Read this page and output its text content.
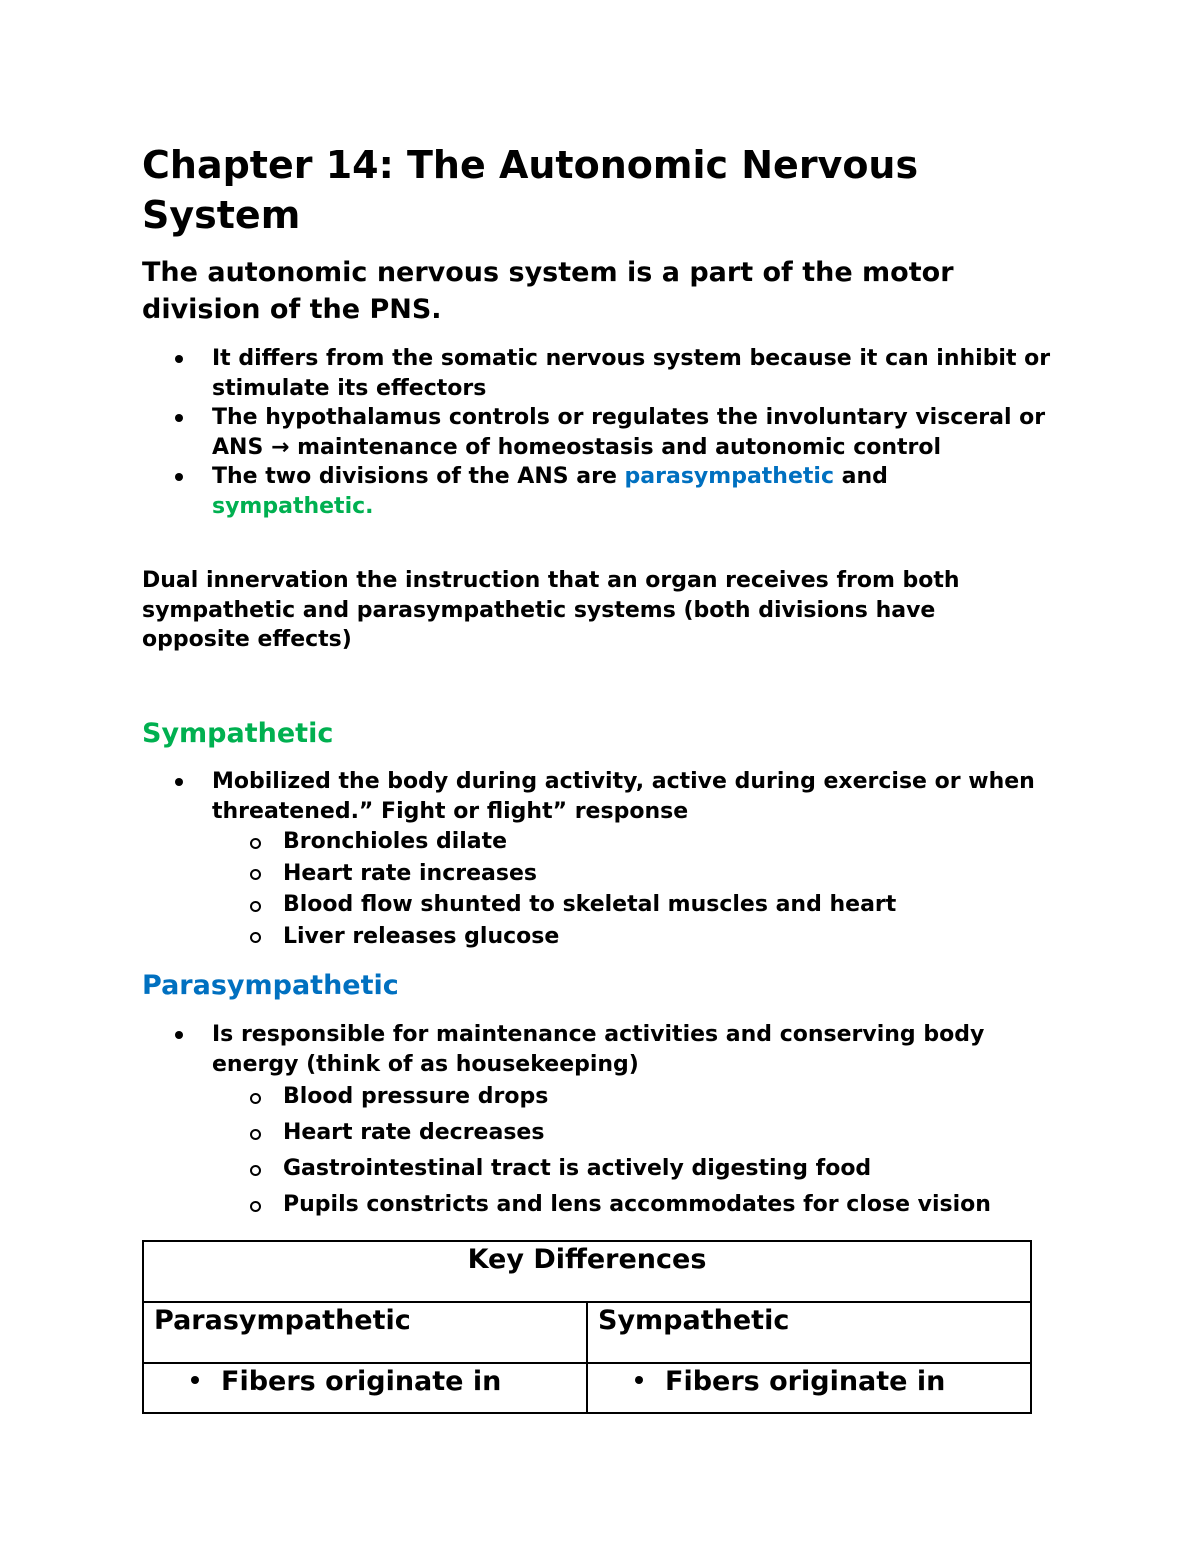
Chapter 14: The Autonomic Nervous System

The autonomic nervous system is a part of the motor division of the PNS.

It differs from the somatic nervous system because it can inhibit or stimulate its effectors
The hypothalamus controls or regulates the involuntary visceral or ANS → maintenance of homeostasis and autonomic control
The two divisions of the ANS are parasympathetic and sympathetic.

Dual innervation the instruction that an organ receives from both sympathetic and parasympathetic systems (both divisions have opposite effects)

Sympathetic
Mobilized the body during activity, active during exercise or when threatened.” Fight or flight” response
Bronchioles dilate
Heart rate increases
Blood flow shunted to skeletal muscles and heart
Liver releases glucose
Parasympathetic
Is responsible for maintenance activities and conserving body energy (think of as housekeeping)
Blood pressure drops
Heart rate decreases
Gastrointestinal tract is actively digesting food
Pupils constricts and lens accommodates for close vision
Key Differences	
Parasympathetic	Sympathetic
Fibers originate in	Fibers originate in
